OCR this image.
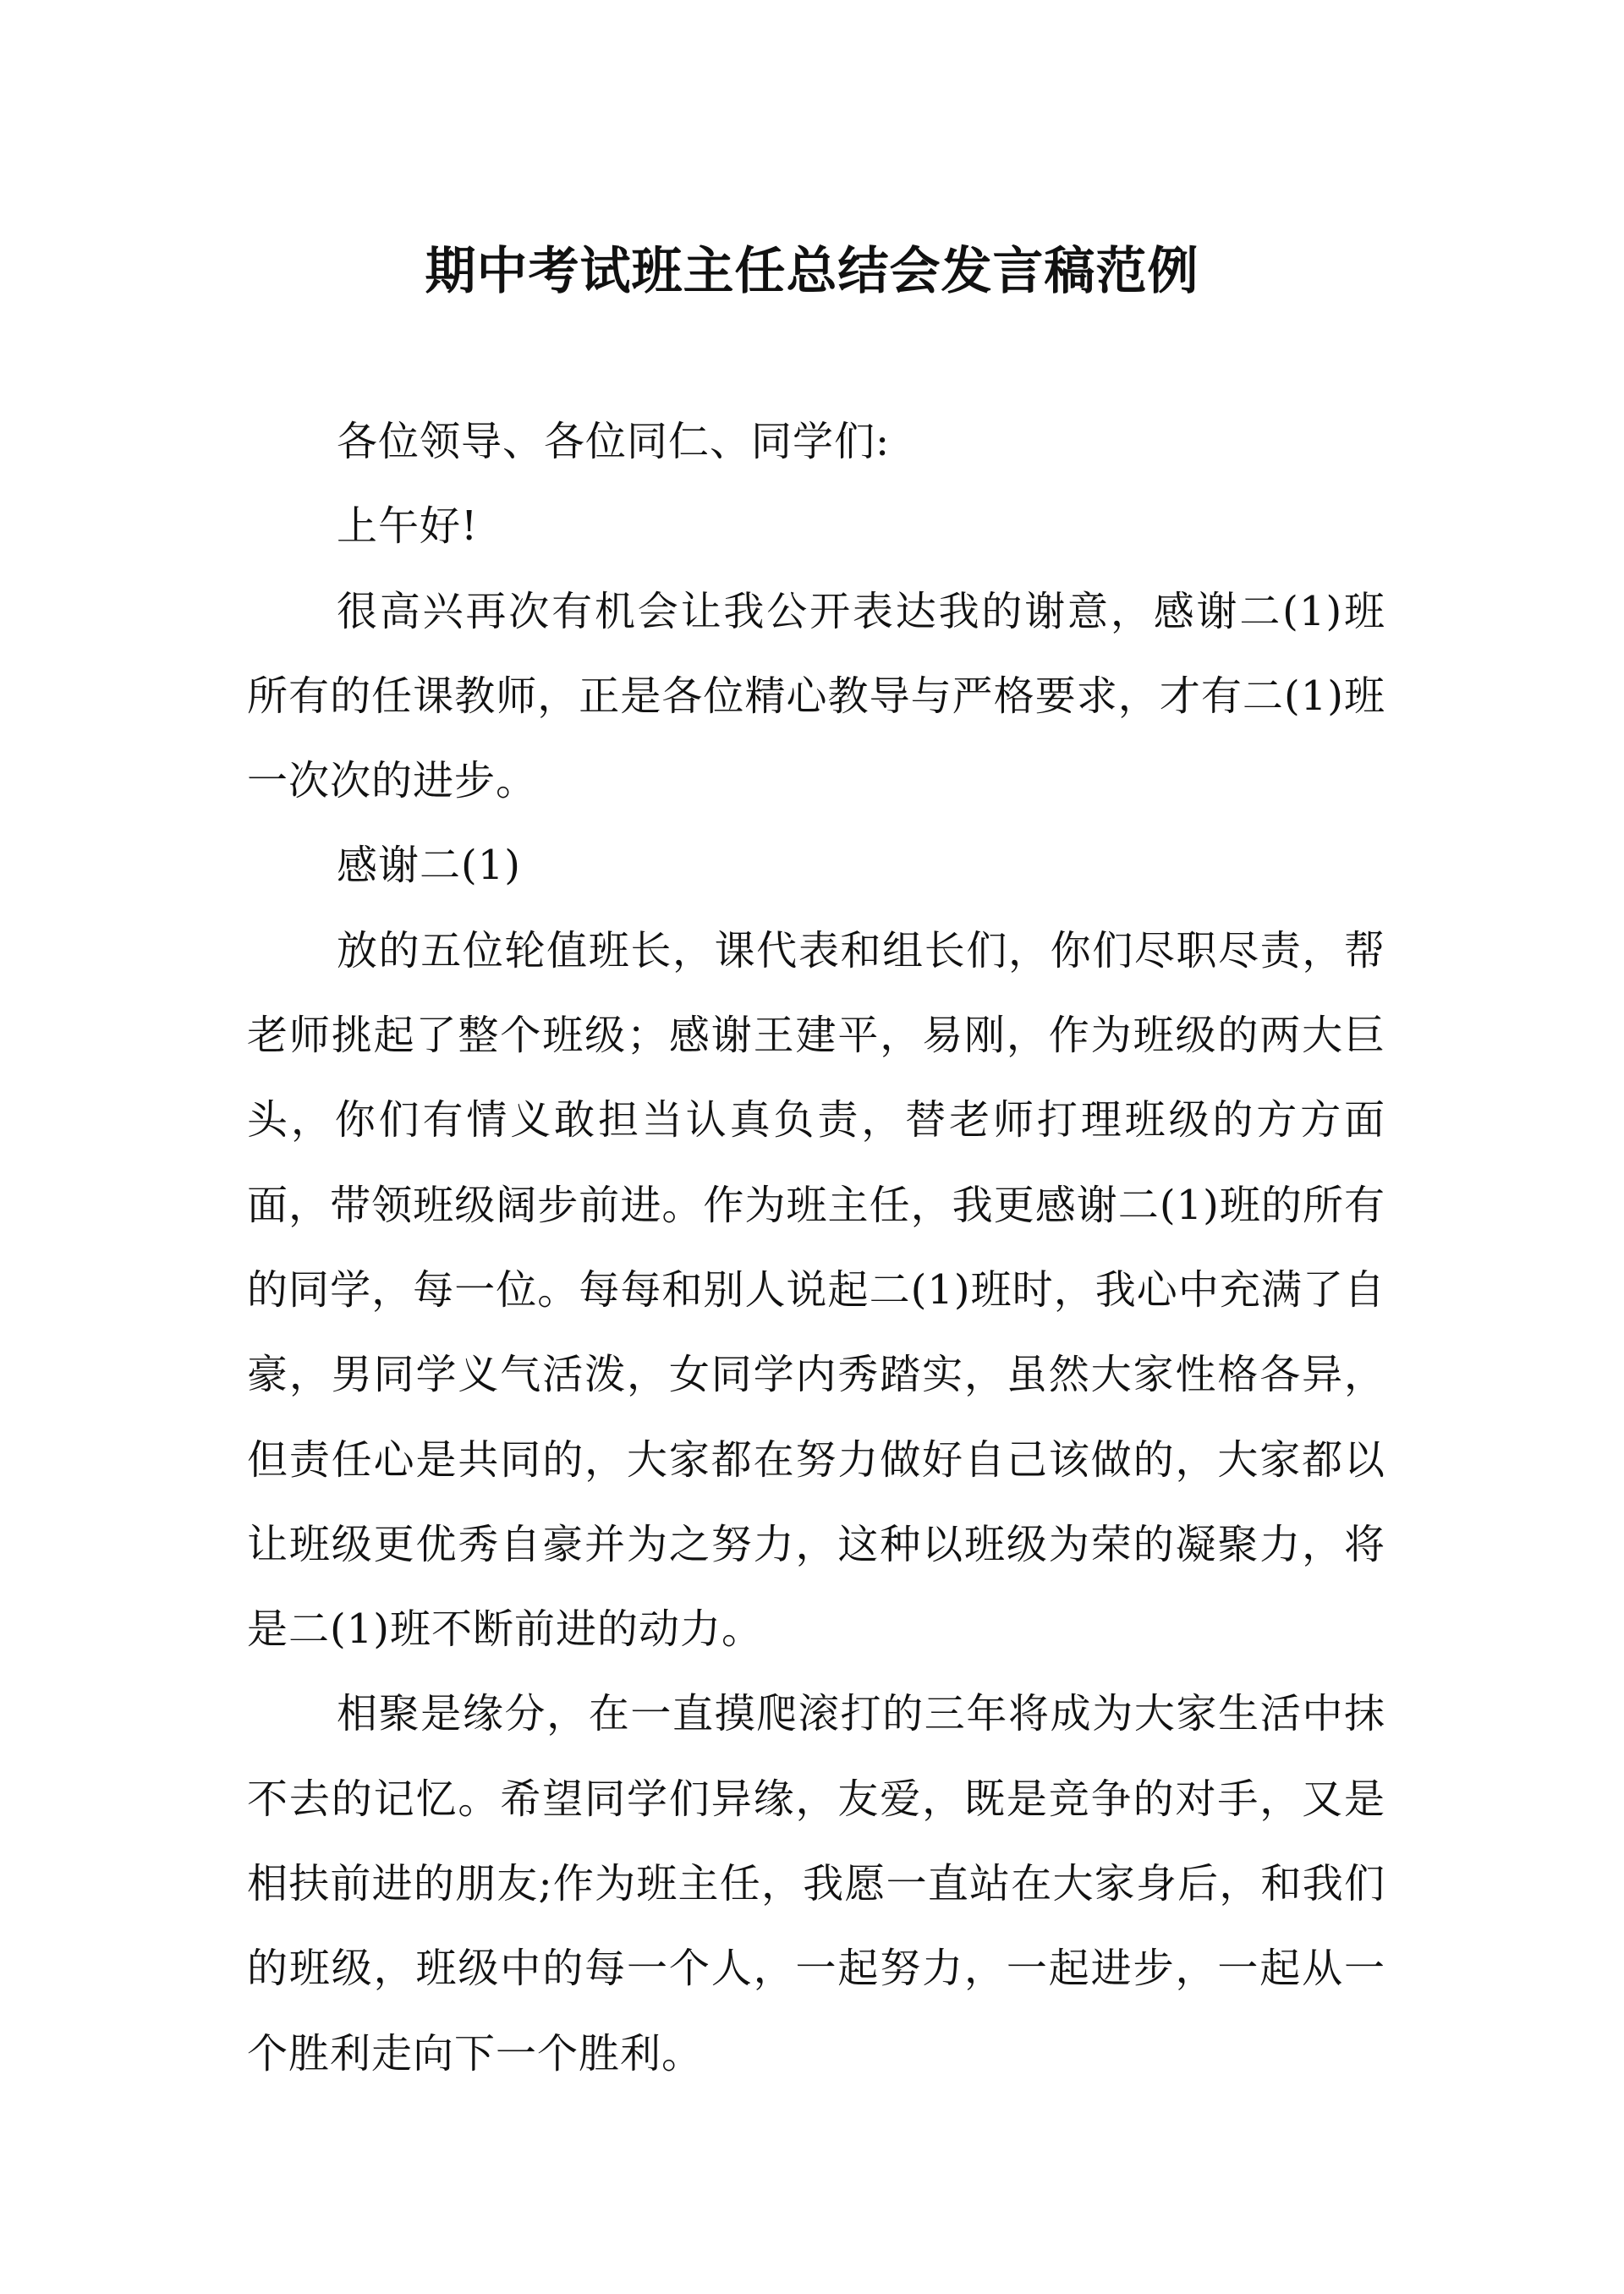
期中考试班主任总结会发言稿范例

各位领导、各位同仁、同学们:

上午好!

很高兴再次有机会让我公开表达我的谢意，感谢二(1)班所有的任课教师，正是各位精心教导与严格要求，才有二(1)班一次次的进步。

感谢二(1)

放的五位轮值班长，课代表和组长们，你们尽职尽责，帮老师挑起了整个班级；感谢王建平，易刚，作为班级的两大巨头，你们有情义敢担当认真负责，替老师打理班级的方方面面，带领班级阔步前进。作为班主任，我更感谢二(1)班的所有的同学，每一位。每每和别人说起二(1)班时，我心中充满了自豪，男同学义气活泼，女同学内秀踏实，虽然大家性格各异，但责任心是共同的，大家都在努力做好自己该做的，大家都以让班级更优秀自豪并为之努力，这种以班级为荣的凝聚力，将是二(1)班不断前进的动力。

相聚是缘分，在一直摸爬滚打的三年将成为大家生活中抹不去的记忆。希望同学们异缘，友爱，既是竞争的对手，又是相扶前进的朋友;作为班主任，我愿一直站在大家身后，和我们的班级，班级中的每一个人，一起努力，一起进步，一起从一个胜利走向下一个胜利。
